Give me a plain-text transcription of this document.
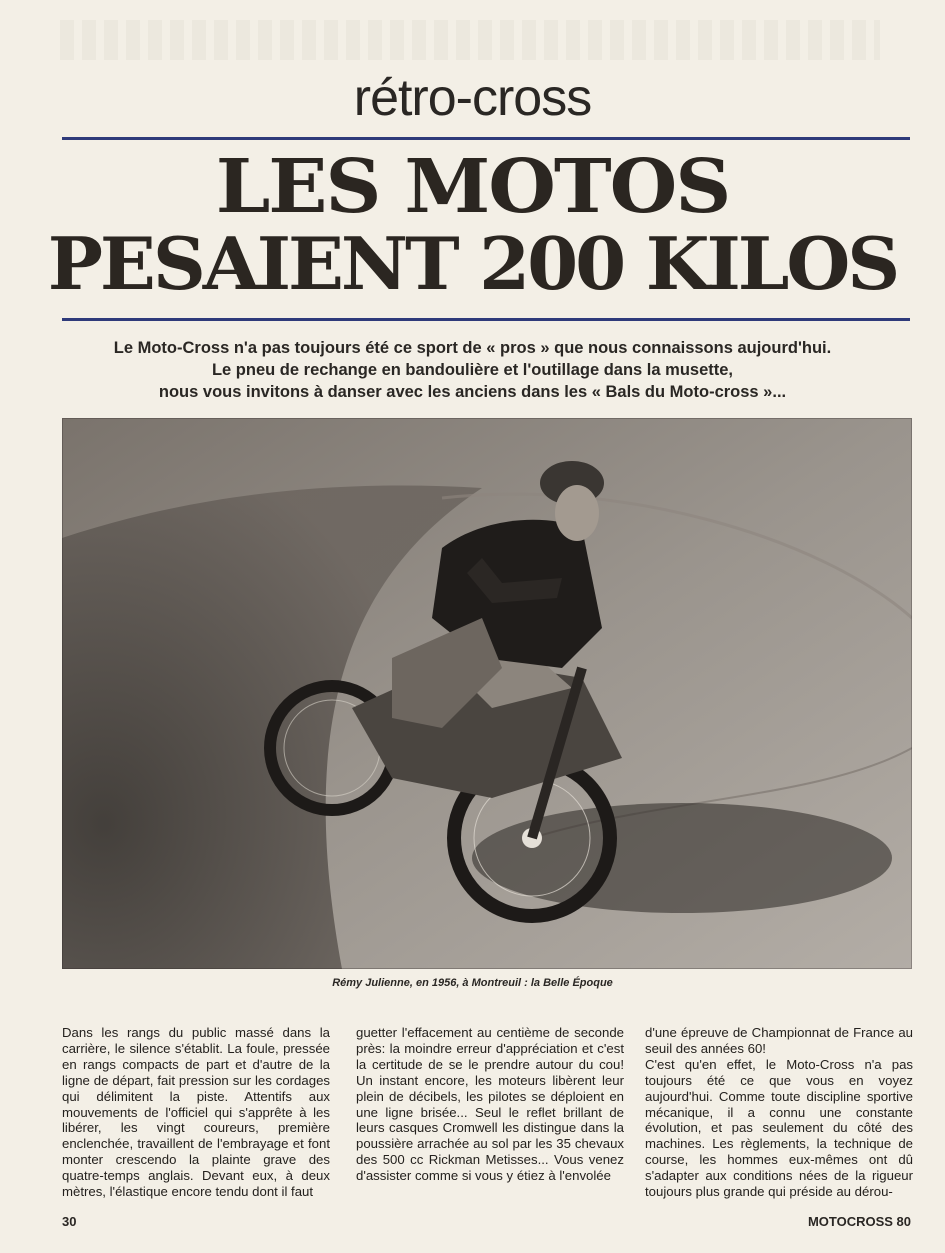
rétro-cross
LES MOTOS
PESAIENT 200 KILOS
Le Moto-Cross n'a pas toujours été ce sport de « pros » que nous connaissons aujourd'hui.
Le pneu de rechange en bandoulière et l'outillage dans la musette,
nous vous invitons à danser avec les anciens dans les « Bals du Moto-cross »...
Rémy Julienne, en 1956, à Montreuil : la Belle Époque

Dans les rangs du public massé dans la carrière, le silence s'établit. La foule, pressée en rangs compacts de part et d'autre de la ligne de départ, fait pression sur les cordages qui délimitent la piste. Attentifs aux mouvements de l'officiel qui s'apprête à les libérer, les vingt coureurs, première enclenchée, travaillent de l'embrayage et font monter crescendo la plainte grave des quatre-temps anglais. Devant eux, à deux mètres, l'élastique encore tendu dont il faut

guetter l'effacement au centième de seconde près: la moindre erreur d'appréciation et c'est la certitude de se le prendre autour du cou! Un instant encore, les moteurs libèrent leur plein de décibels, les pilotes se déploient en une ligne brisée... Seul le reflet brillant de leurs casques Cromwell les distingue dans la poussière arrachée au sol par les 35 chevaux des 500 cc Rickman Metisses... Vous venez d'assister comme si vous y étiez à l'envolée

d'une épreuve de Championnat de France au seuil des années 60!

C'est qu'en effet, le Moto-Cross n'a pas toujours été ce que vous en voyez aujourd'hui. Comme toute discipline sportive mécanique, il a connu une constante évolution, et pas seulement du côté des machines. Les règlements, la technique de course, les hommes eux-mêmes ont dû s'adapter aux conditions nées de la rigueur toujours plus grande qui préside au dérou-

30	MOTOCROSS 80
